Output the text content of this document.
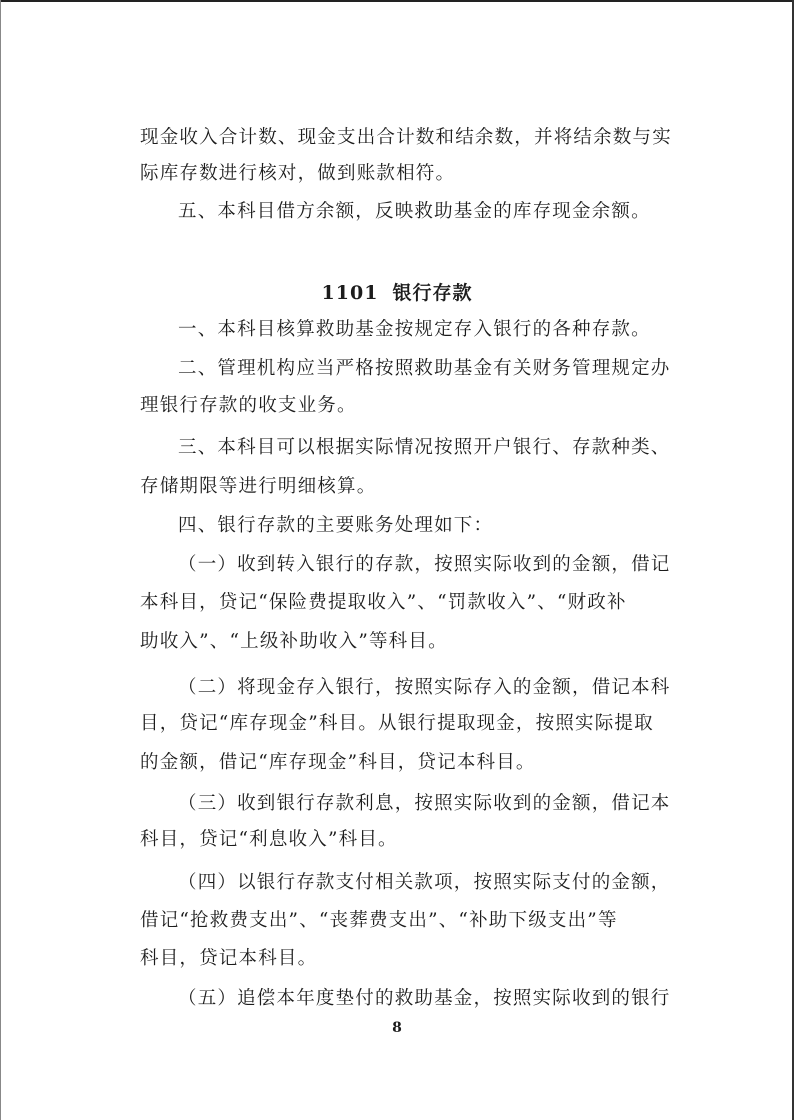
现金收入合计数、现金支出合计数和结余数，并将结余数与实
际库存数进行核对，做到账款相符。
五、本科目借方余额，反映救助基金的库存现金余额。
1101 银行存款
一、本科目核算救助基金按规定存入银行的各种存款。
二、管理机构应当严格按照救助基金有关财务管理规定办
理银行存款的收支业务。
三、本科目可以根据实际情况按照开户银行、存款种类、
存储期限等进行明细核算。
四、银行存款的主要账务处理如下：
（一）收到转入银行的存款，按照实际收到的金额，借记
本科目，贷记“保险费提取收入”、“罚款收入”、“财政补
助收入”、“上级补助收入”等科目。
（二）将现金存入银行，按照实际存入的金额，借记本科
目，贷记“库存现金”科目。从银行提取现金，按照实际提取
的金额，借记“库存现金”科目，贷记本科目。
（三）收到银行存款利息，按照实际收到的金额，借记本
科目，贷记“利息收入”科目。
（四）以银行存款支付相关款项，按照实际支付的金额，
借记“抢救费支出”、“丧葬费支出”、“补助下级支出”等
科目，贷记本科目。
（五）追偿本年度垫付的救助基金，按照实际收到的银行
8
